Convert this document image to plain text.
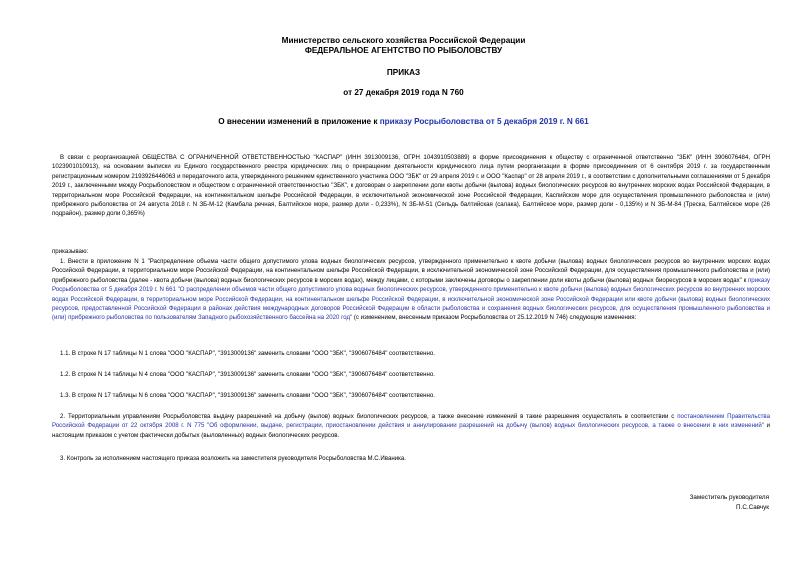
Министерство сельского хозяйства Российской Федерации
ФЕДЕРАЛЬНОЕ АГЕНТСТВО ПО РЫБОЛОВСТВУ
ПРИКАЗ
от 27 декабря 2019 года N 760
О внесении изменений в приложение к приказу Росрыболовства от 5 декабря 2019 г. N 661

В связи с реорганизацией ОБЩЕСТВА С ОГРАНИЧЕННОЙ ОТВЕТСТВЕННОСТЬЮ "КАСПАР" (ИНН 3913009136, ОГРН 1043910503889) в форме присоединения к обществу с ограниченной ответственно "ЗБК" (ИНН 3906076484, ОГРН 1023901010913), на основании выписки из Единого государственного реестра юридических лиц о прекращении деятельности юридического лица путем реорганизации в форме присоединения от 6 сентября 2019 г. за государственным регистрационным номером 2193926446063 и передаточного акта, утвержденного решением единственного участника ООО "ЗБК" от 29 апреля 2019 г. и ООО "Каспар" от 28 апреля 2019 г., в соответствии с дополнительными соглашениями от 5 декабря 2019 г., заключенными между Росрыболовством и обществом с ограниченной ответственностью "ЗБК", к договорам о закреплении доли квоты добычи (вылова) водных биологических ресурсов во внутренних морских водах Российской Федерации, в территориальном море Российской Федерации, на континентальном шельфе Российской Федерации, в исключительной экономической зоне Российской Федерации, Каспийском море для осуществления промышленного рыболовства и (или) прибрежного рыболовства от 24 августа 2018 г. N ЗБ-М-12 (Камбала речная, Балтийское море, размер доли - 0,233%), N ЗБ-М-51 (Сельдь балтийская (салака), Балтийское море, размер доли - 0,135%) и N ЗБ-М-84 (Треска, Балтийское море (26 подрайон), размер доли 0,365%)

приказываю:

1. Внести в приложение N 1 "Распределение объема части общего допустимого улова водных биологических ресурсов, утвержденного применительно к квоте добычи (вылова) водных биологических ресурсов во внутренних морских водах Российской Федерации, в территориальном море Российской Федерации, на континентальном шельфе Российской Федерации, в исключительной экономической зоне Российской Федерации, для осуществления промышленного рыболовства и (или) прибрежного рыболовства (далее - квота добычи (вылова) водных биологических ресурсов в морских водах), между лицами, с которыми заключены договоры о закреплении доли квоты добычи (вылова) водных биоресурсов в морских водах" к приказу Росрыболовства от 5 декабря 2019 г. N 661 "О распределении объемов части общего допустимого улова водных биологических ресурсов, утвержденного применительно к квоте добычи (вылова) водных биологических ресурсов во внутренних морских водах Российской Федерации, в территориальном море Российской Федерации, на континентальном шельфе Российской Федерации, в исключительной экономической зоне Российской Федерации или квоте добычи (вылова) водных биологических ресурсов, предоставленной Российской Федерации в районах действия международных договоров Российской Федерации в области рыболовства и сохранения водных биологических ресурсов, для осуществления промышленного рыболовства и (или) прибрежного рыболовства по пользователям Западного рыбохозяйственного бассейна на 2020 год" (с изменением, внесенным приказом Росрыболовства от 25.12.2019 N 746) следующие изменения:

1.1. В строке N 17 таблицы N 1 слова "ООО "КАСПАР", "3913009136" заменить словами "ООО "ЗБК", "3906076484" соответственно.

1.2. В строке N 14 таблицы N 4 слова "ООО "КАСПАР", "3913009136" заменить словами "ООО "ЗБК", "3906076484" соответственно.

1.3. В строке N 17 таблицы N 6 слова "ООО "КАСПАР", "3913009136" заменить словами "ООО "ЗБК", "3906076484" соответственно.

2. Территориальным управлениям Росрыболовства выдачу разрешений на добычу (вылов) водных биологических ресурсов, а также внесение изменений в такие разрешения осуществлять в соответствии с постановлением Правительства Российской Федерации от 22 октября 2008 г. N 775 "Об оформлении, выдаче, регистрации, приостановлении действия и аннулировании разрешений на добычу (вылов) водных биологических ресурсов, а также о внесении в них изменений" и настоящим приказом с учетом фактически добытых (выловленных) водных биологических ресурсов.

3. Контроль за исполнением настоящего приказа возложить на заместителя руководителя Росрыболовства М.С.Иваника.

Заместитель руководителя
П.С.Савчук
